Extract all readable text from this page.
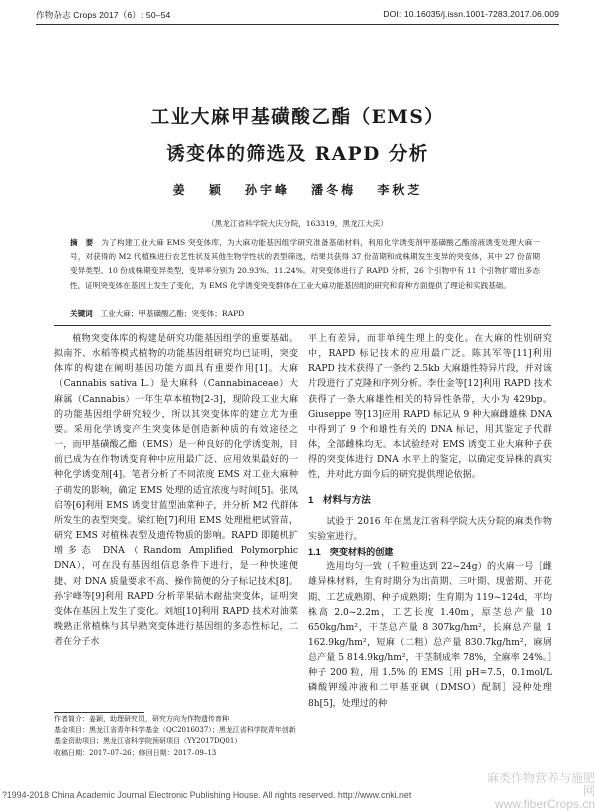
作物杂志 Crops 2017（6）: 50–54	DOI: 10.16035/j.issn.1001-7283.2017.06.009
工业大麻甲基磺酸乙酯（EMS）
诱变体的筛选及 RAPD 分析
姜 颖 孙宇峰 潘冬梅 李秋芝
（黑龙江省科学院大庆分院，163319，黑龙江大庆）
摘　要　 为了构建工业大麻 EMS 突变体库，为大麻功能基因组学研究准备基础材料，利用化学诱变剂甲基磺酸乙酯溶液诱变处理大麻一号，对获得的 M2 代植株进行农艺性状及其他生物学性状的表型筛选，结果共获得 37 份苗期和成株期发生变异的突变体，其中 27 份苗期变异类型、10 份成株期变异类型，变异率分别为 20.93%、11.24%。对突变体进行了 RAPD 分析，26 个引物中有 11 个引物扩增出多态性，证明突变体在基因上发生了变化，为 EMS 化学诱变突变群体在工业大麻功能基因组的研究和育种方面提供了理论和实践基础。
关键词　 工业大麻；甲基磺酸乙酯；突变体；RAPD

植物突变体库的构建是研究功能基因组学的重要基础。拟南芥、水稻等模式植物的功能基因组研究均已证明，突变体库的构建在阐明基因功能方面具有重要作用[1]。大麻（Cannabis sativa L.）是大麻科（Cannabinaceae）大麻属（Cannabis）一年生草本植物[2-3]，现阶段工业大麻的功能基因组学研究较少，所以其突变体库的建立尤为重要。采用化学诱变产生突变体是创造新种质的有效途径之一，而甲基磺酸乙酯（EMS）是一种良好的化学诱变剂，目前已成为在作物诱变育种中应用最广泛、应用效果最好的一种化学诱变剂[4]。笔者分析了不同浓度 EMS 对工业大麻种子萌发的影响，确定 EMS 处理的适宜浓度与时间[5]。张凤启等[6]利用 EMS 诱变甘蓝型油菜种子，并分析 M2 代群体所发生的表型突变。梁红艳[7]利用 EMS 处理枇杷试管苗，研究 EMS 对植株表型及遗传物质的影响。RAPD 即随机扩增多态 DNA（Random Amplified Polymorphic DNA），可在没有基因组信息条件下进行，是一种快速便捷、对 DNA 质量要求不高、操作简便的分子标记技术[8]。孙宇峰等[9]利用 RAPD 分析苹果砧木耐盐突变体，证明突变体在基因上发生了变化。刘旭[10]利用 RAPD 技术对油菜晚熟正常植株与其早熟突变体进行基因组的多态性标记，二者在分子水

作者简介：姜颖，助理研究员，研究方向为作物遗传育种
基金项目：黑龙江省青年科学基金（QC2016037）；黑龙江省科学院青年创新基金资助项目；黑龙江省科学院预研项目（YY2017DQ01）
收稿日期：2017–07–26；修回日期：2017–09–13

平上有差异，而非单纯生理上的变化。在大麻的性别研究中，RAPD 标记技术的应用最广泛。陈其军等[11]利用 RAPD 技术获得了一条约 2.5kb 大麻雄性特异片段，并对该片段进行了克隆和序列分析。李仕金等[12]利用 RAPD 技术获得了一条大麻雄性相关的特异性条带，大小为 429bp。Giuseppe 等[13]应用 RAPD 标记从 9 种大麻雌雄株 DNA 中得到了 9 个和雄性有关的 DNA 标记，用其鉴定子代群体，全部雌株均无。本试验经对 EMS 诱变工业大麻种子获得的突变体进行 DNA 水平上的鉴定，以确定变异株的真实性，并对此方面今后的研究提供理论依据。

1　材料与方法

试验于 2016 年在黑龙江省科学院大庆分院的麻类作物实验室进行。

1.1　突变材料的创建

选用均匀一致（千粒重达到 22~24g）的火麻一号［雌雄异株材料，生育时期分为出苗期、三叶期、现蕾期、开花期、工艺成熟期、种子成熟期；生育期为 119~124d，平均株高 2.0~2.2m，工艺长度 1.40m，原茎总产量 10 650kg/hm²，干茎总产量 8 307kg/hm²，长麻总产量 1 162.9kg/hm²，短麻（二粗）总产量 830.7kg/hm²，麻屑总产量 5 814.9kg/hm²，干茎制成率 78%，全麻率 24%。］种子 200 粒，用 1.5% 的 EMS［用 pH=7.5，0.1mol/L 磷酸钾缓冲液和二甲基亚砜（DMSO）配制］浸种处理 8h[5]，处理过的种

麻类作物营养与施肥网
www.fiberCrops.cn
?1994-2018 China Academic Journal Electronic Publishing House. All rights reserved. http://www.cnki.net
